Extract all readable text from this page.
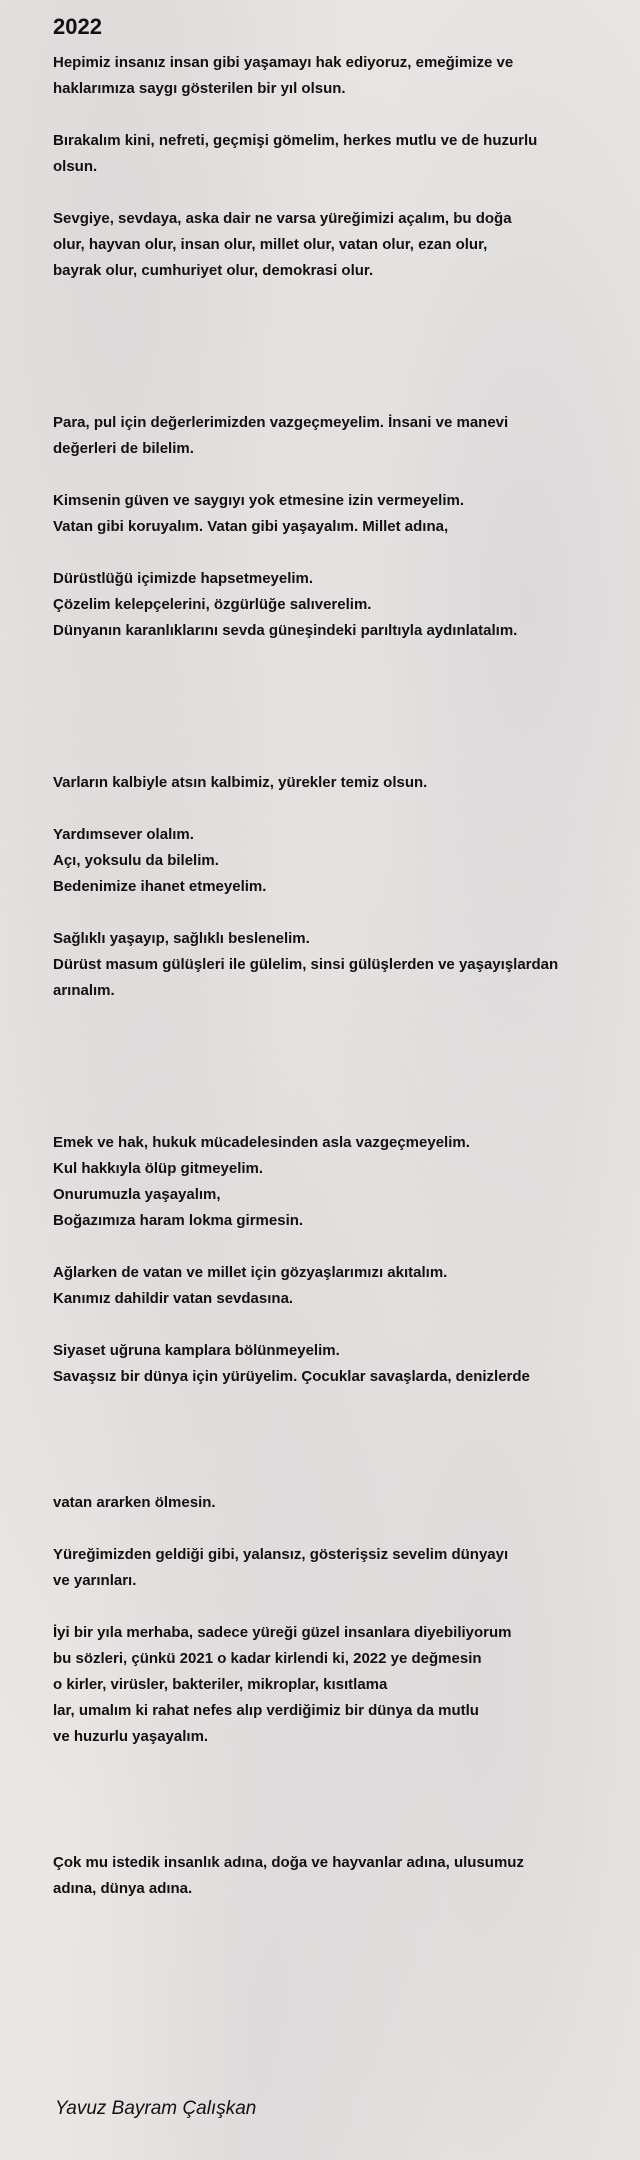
2022

Hepimiz insanız insan gibi yaşamayı hak ediyoruz, emeğimize ve

haklarımıza saygı gösterilen bir yıl olsun.

Bırakalım kini, nefreti, geçmişi gömelim, herkes mutlu ve de huzurlu

olsun.

Sevgiye, sevdaya, aska dair ne varsa yüreğimizi açalım, bu doğa

olur, hayvan olur, insan olur, millet olur, vatan olur, ezan olur,

bayrak olur, cumhuriyet olur, demokrasi olur.

Para, pul için değerlerimizden vazgeçmeyelim. İnsani ve manevi

değerleri de bilelim.

Kimsenin güven ve saygıyı yok etmesine izin vermeyelim.

Vatan gibi koruyalım. Vatan gibi yaşayalım. Millet adına,

Dürüstlüğü içimizde hapsetmeyelim.

Çözelim kelepçelerini, özgürlüğe salıverelim.

Dünyanın karanlıklarını sevda güneşindeki parıltıyla aydınlatalım.

Varların kalbiyle atsın kalbimiz, yürekler temiz olsun.

Yardımsever olalım.

Açı, yoksulu da bilelim.

Bedenimize ihanet etmeyelim.

Sağlıklı yaşayıp, sağlıklı beslenelim.

Dürüst masum gülüşleri ile gülelim, sinsi gülüşlerden ve yaşayışlardan

arınalım.

Emek ve hak, hukuk mücadelesinden asla vazgeçmeyelim.

Kul hakkıyla ölüp gitmeyelim.

Onurumuzla yaşayalım,

Boğazımıza haram lokma girmesin.

Ağlarken de vatan ve millet için gözyaşlarımızı akıtalım.

Kanımız dahildir vatan sevdasına.

Siyaset uğruna kamplara bölünmeyelim.

Savaşsız bir dünya için yürüyelim. Çocuklar savaşlarda, denizlerde

vatan ararken ölmesin.

Yüreğimizden geldiği gibi, yalansız, gösterişsiz sevelim dünyayı

ve yarınları.

İyi bir yıla merhaba, sadece yüreği güzel insanlara diyebiliyorum

bu sözleri, çünkü 2021 o kadar kirlendi ki, 2022 ye değmesin

o kirler, virüsler, bakteriler, mikroplar, kısıtlama

lar, umalım ki rahat nefes alıp verdiğimiz bir dünya da mutlu

ve huzurlu yaşayalım.

Çok mu istedik insanlık adına, doğa ve hayvanlar adına, ulusumuz

adına, dünya adına.

Yavuz Bayram Çalışkan
